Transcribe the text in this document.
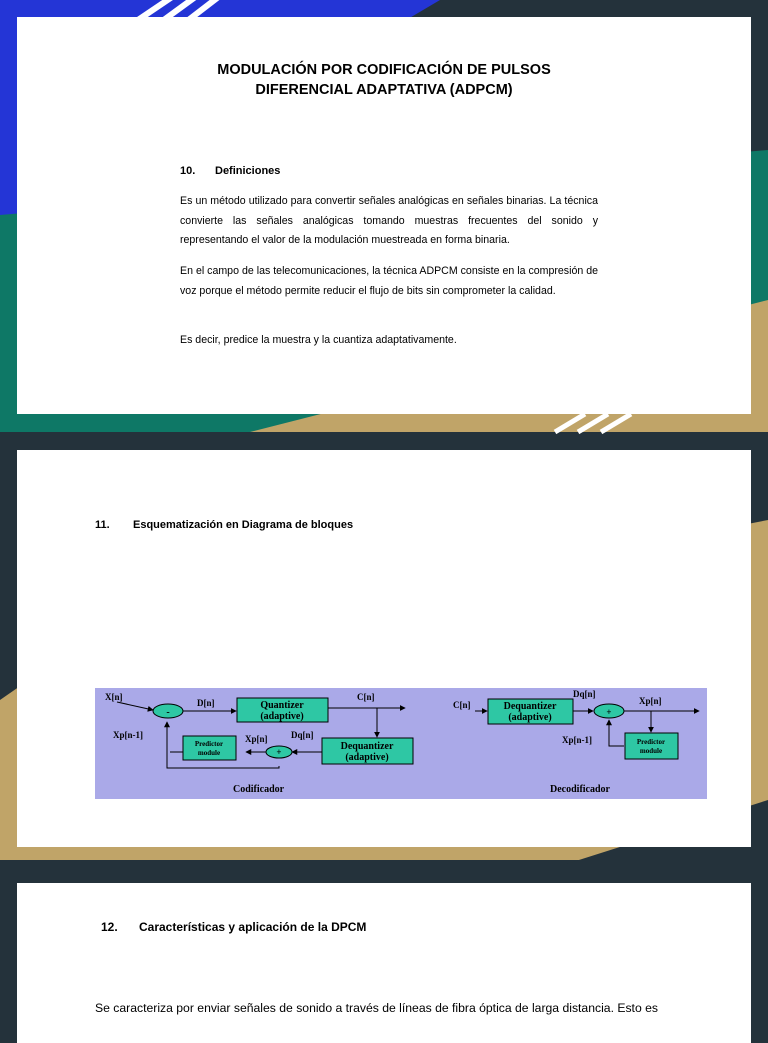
MODULACIÓN POR CODIFICACIÓN DE PULSOS
DIFERENCIAL ADAPTATIVA (ADPCM)
10. Definiciones
Es un método utilizado para convertir señales analógicas en señales binarias. La técnica convierte las señales analógicas tomando muestras frecuentes del sonido y representando el valor de la modulación muestreada en forma binaria.
En el campo de las telecomunicaciones, la técnica ADPCM consiste en la compresión de voz porque el método permite reducir el flujo de bits sin comprometer la calidad.
Es decir, predice la muestra y la cuantiza adaptativamente.
11. Esquematización en Diagrama de bloques
-
+
Quantizer
(adaptive)
Dequantizer
(adaptive)
Predictor
module
X[n]
D[n]
C[n]
Xp[n-1]	Xp[n]	Dq[n]
Codificador
Dequantizer
(adaptive)	+
Predictor
module
C[n]
Dq[n]
Xp[n]
Xp[n-1]
Decodificador
12. Características y aplicación de la DPCM
Se caracteriza por enviar señales de sonido a través de líneas de fibra óptica de larga distancia. Esto es
